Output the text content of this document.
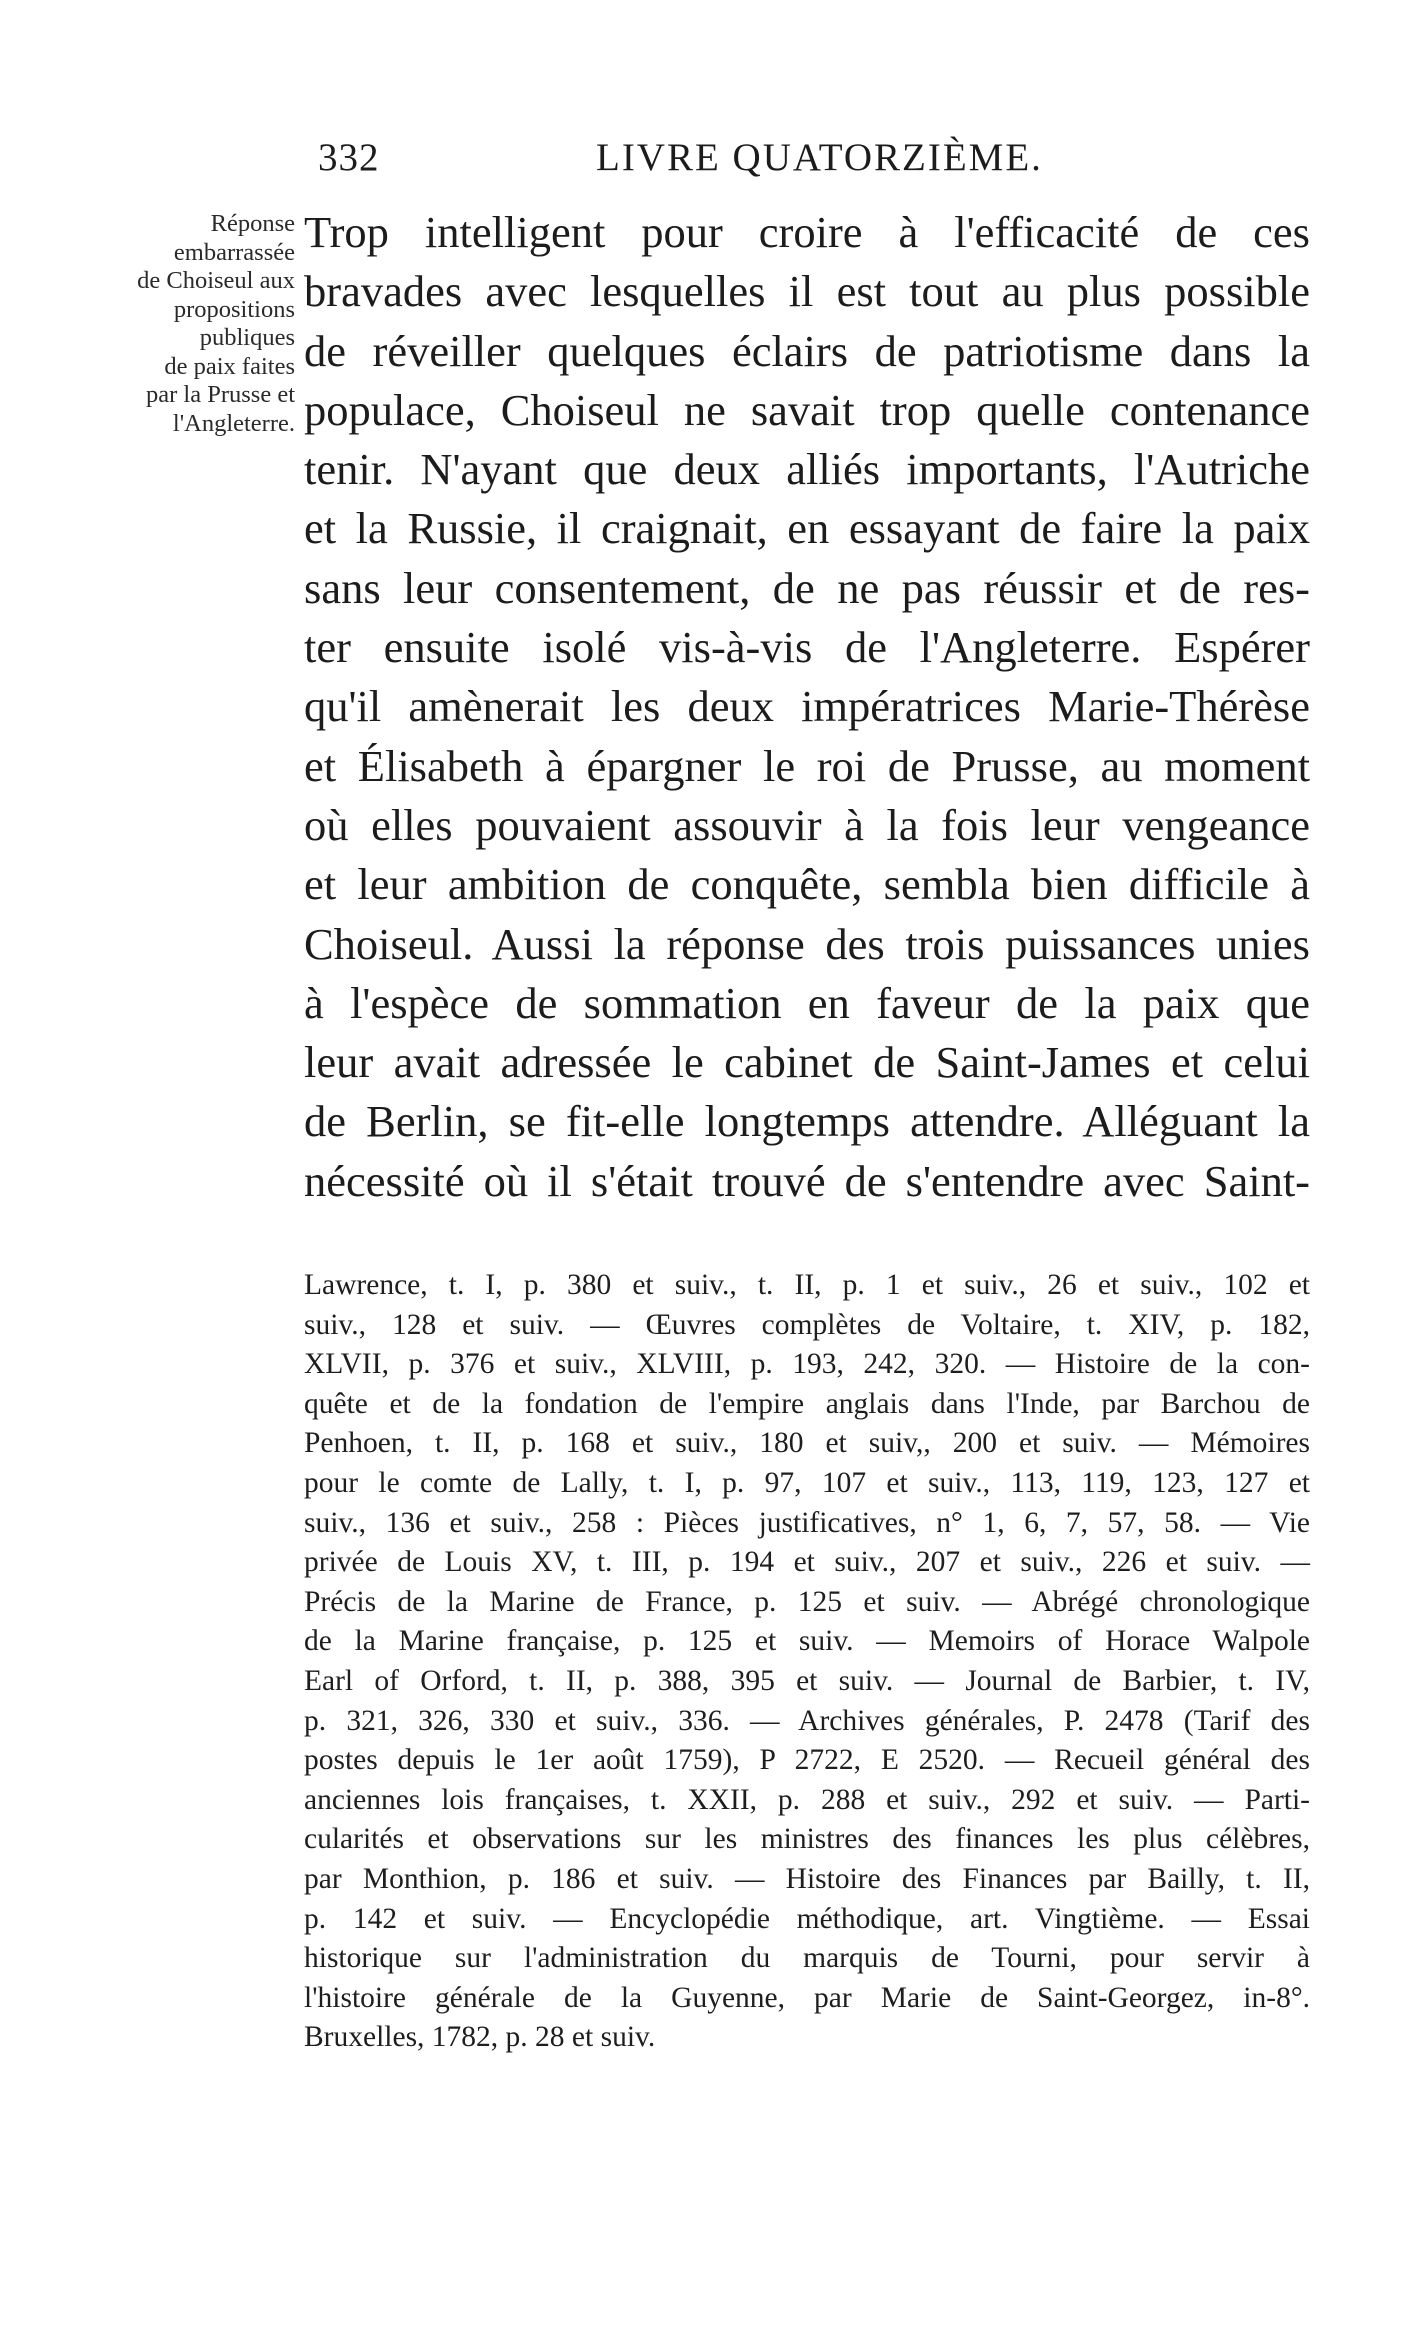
332	LIVRE QUATORZIÈME.
Réponse
embarrassée
de Choiseul aux
propositions
publiques
de paix faites
par la Prusse et
l'Angleterre.
Trop intelligent pour croire à l'efficacité de ces
bravades avec lesquelles il est tout au plus possible
de réveiller quelques éclairs de patriotisme dans la
populace, Choiseul ne savait trop quelle contenance
tenir. N'ayant que deux alliés importants, l'Autriche
et la Russie, il craignait, en essayant de faire la paix
sans leur consentement, de ne pas réussir et de res-
ter ensuite isolé vis-à-vis de l'Angleterre. Espérer
qu'il amènerait les deux impératrices Marie-Thérèse
et Élisabeth à épargner le roi de Prusse, au moment
où elles pouvaient assouvir à la fois leur vengeance
et leur ambition de conquête, sembla bien difficile à
Choiseul. Aussi la réponse des trois puissances unies
à l'espèce de sommation en faveur de la paix que
leur avait adressée le cabinet de Saint-James et celui
de Berlin, se fit-elle longtemps attendre. Alléguant la
nécessité où il s'était trouvé de s'entendre avec Saint-
Lawrence, t. I, p. 380 et suiv., t. II, p. 1 et suiv., 26 et suiv., 102 et
suiv., 128 et suiv. — Œuvres complètes de Voltaire, t. XIV, p. 182,
XLVII, p. 376 et suiv., XLVIII, p. 193, 242, 320. — Histoire de la con-
quête et de la fondation de l'empire anglais dans l'Inde, par Barchou de
Penhoen, t. II, p. 168 et suiv., 180 et suiv,, 200 et suiv. — Mémoires
pour le comte de Lally, t. I, p. 97, 107 et suiv., 113, 119, 123, 127 et
suiv., 136 et suiv., 258 : Pièces justificatives, n° 1, 6, 7, 57, 58. — Vie
privée de Louis XV, t. III, p. 194 et suiv., 207 et suiv., 226 et suiv. —
Précis de la Marine de France, p. 125 et suiv. — Abrégé chronologique
de la Marine française, p. 125 et suiv. — Memoirs of Horace Walpole
Earl of Orford, t. II, p. 388, 395 et suiv. — Journal de Barbier, t. IV,
p. 321, 326, 330 et suiv., 336. — Archives générales, P. 2478 (Tarif des
postes depuis le 1er août 1759), P 2722, E 2520. — Recueil général des
anciennes lois françaises, t. XXII, p. 288 et suiv., 292 et suiv. — Parti-
cularités et observations sur les ministres des finances les plus célèbres,
par Monthion, p. 186 et suiv. — Histoire des Finances par Bailly, t. II,
p. 142 et suiv. — Encyclopédie méthodique, art. Vingtième. — Essai
historique sur l'administration du marquis de Tourni, pour servir à
l'histoire générale de la Guyenne, par Marie de Saint-Georgez, in-8°.
Bruxelles, 1782, p. 28 et suiv.
